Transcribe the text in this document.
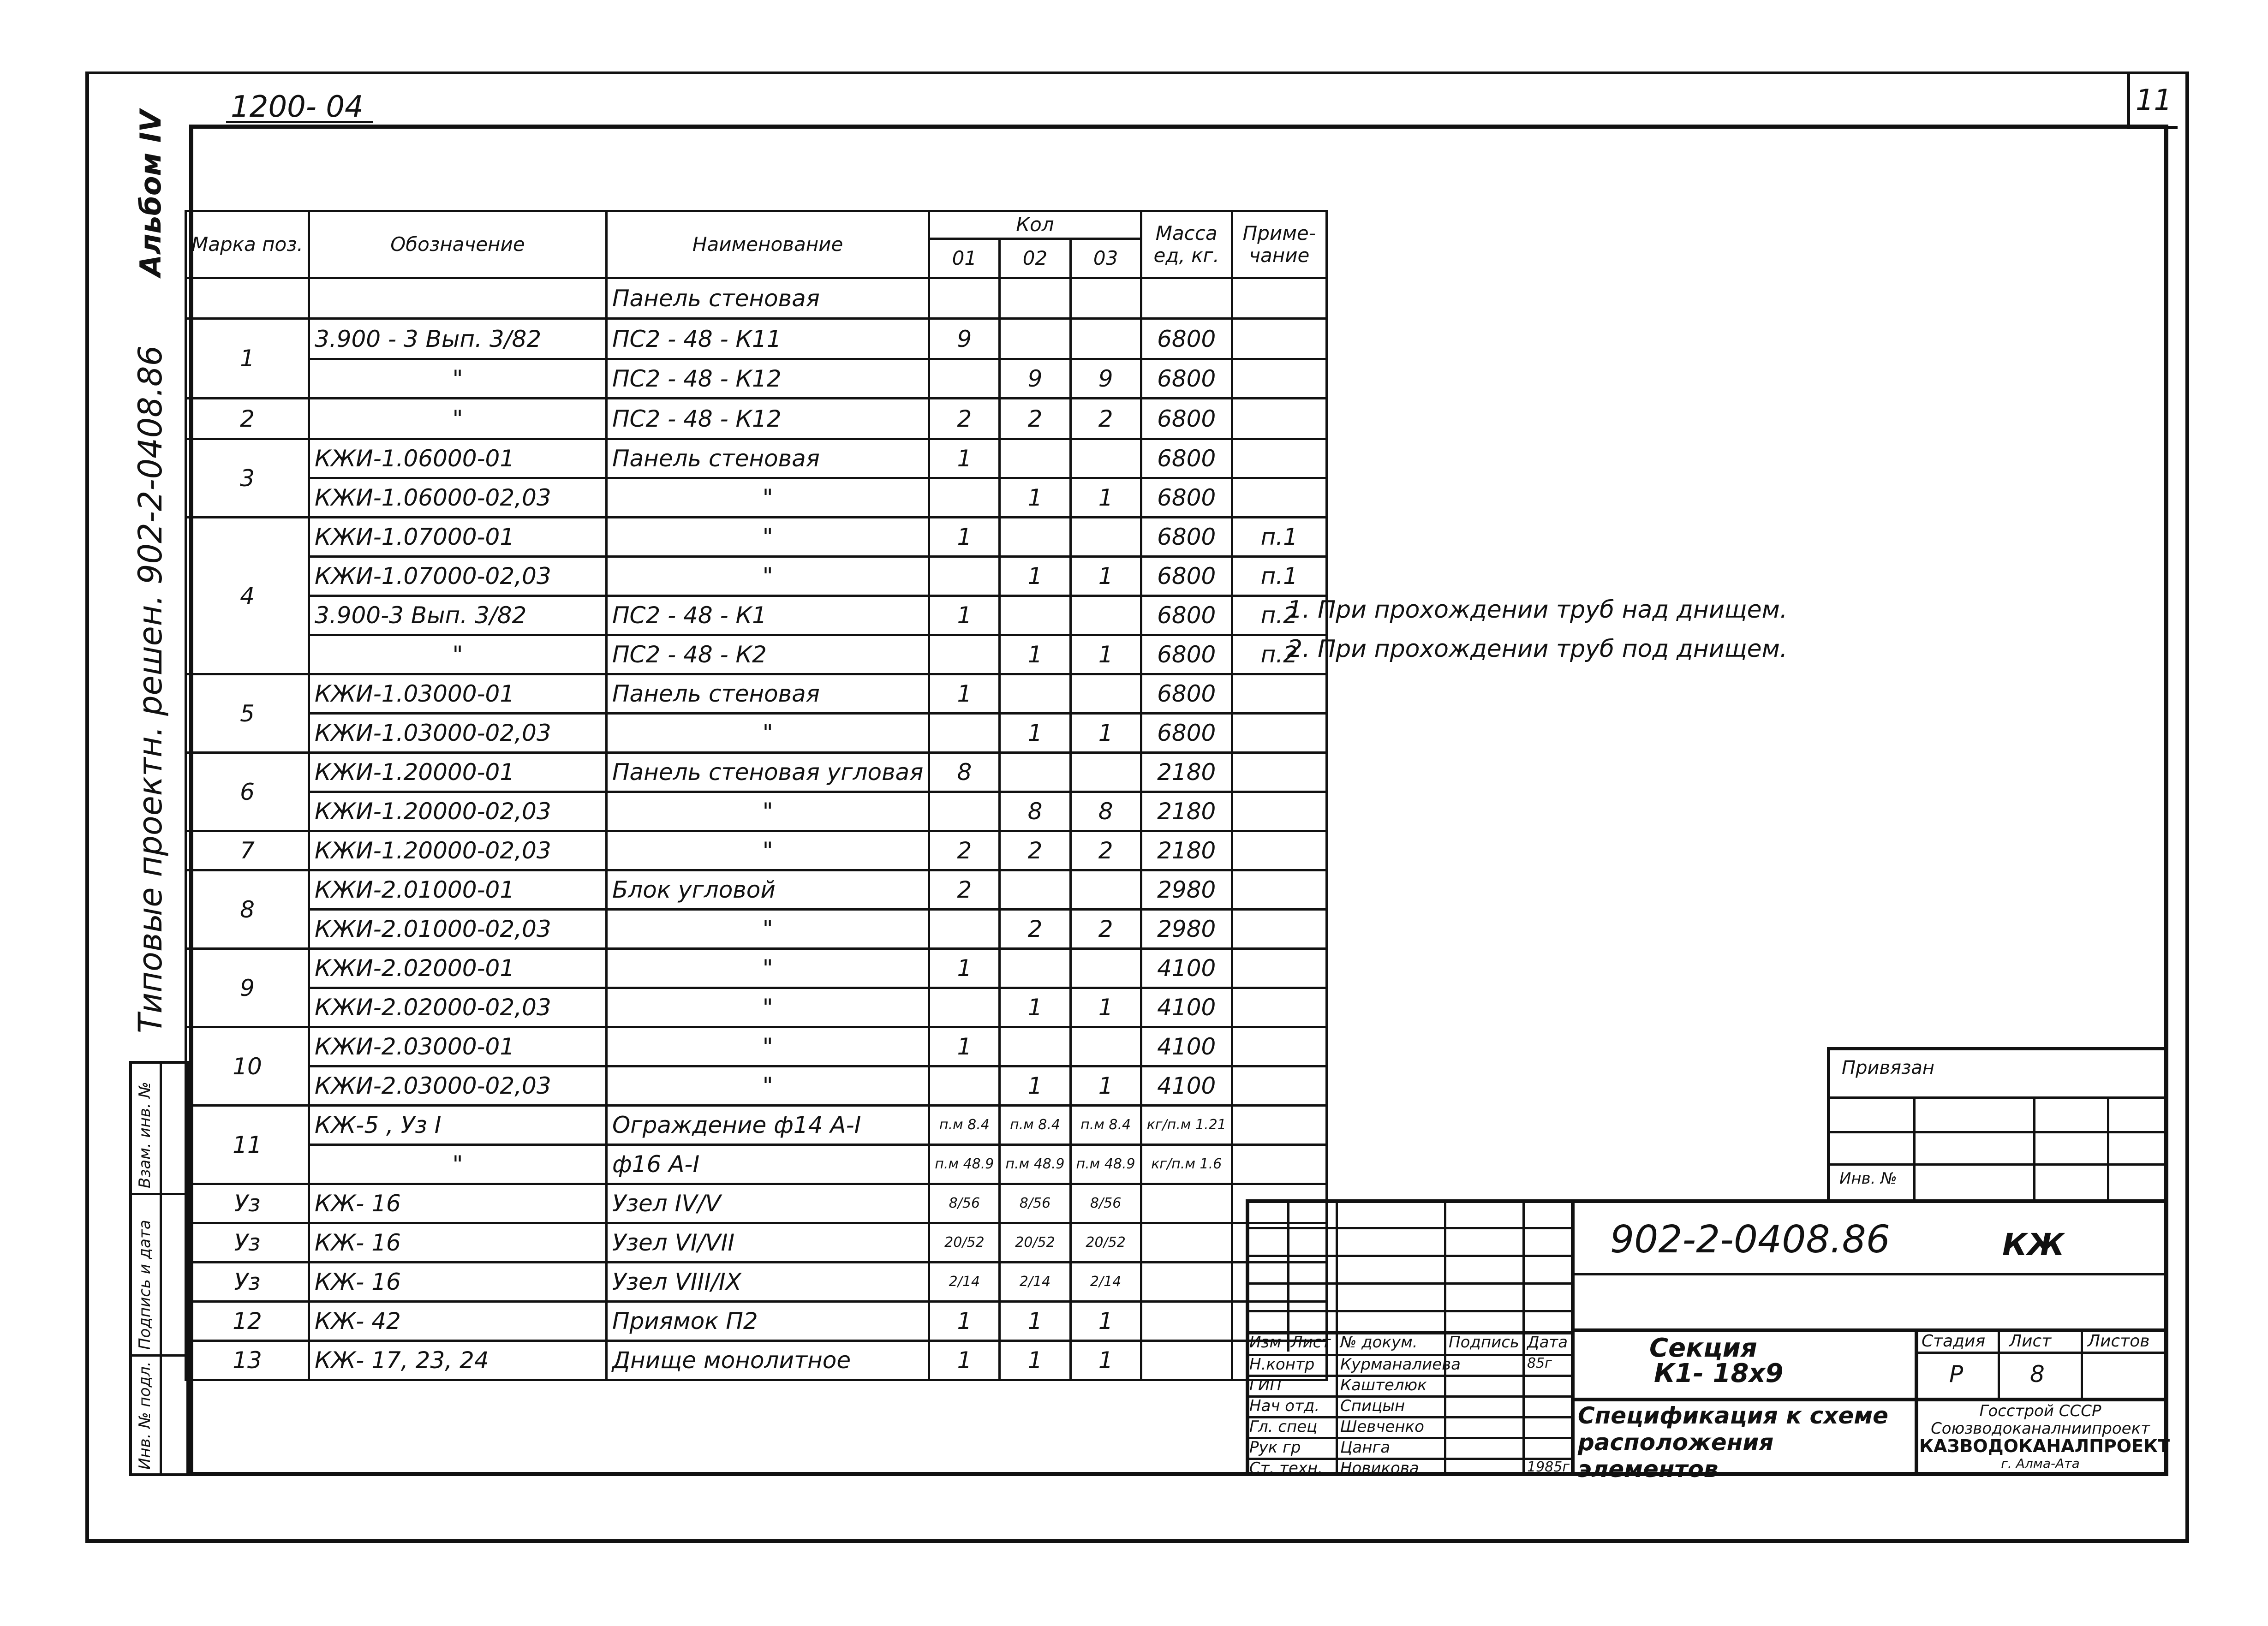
11
1200- 04
Альбом IV
Типовые проектн. решен. 902-2-0408.86
Взам. инв. №
Подпись и дата
Инв. № подл.
Марка поз.	Обозначение	Наименование	Кол			Масса ед, кг.	Приме- чание
			01	02	03		
		Панель стеновая					
1	3.900 - 3 Вып. 3/82	ПС2 - 48 - К11	9			6800	
	"	ПС2 - 48 - К12		9	9	6800	
2	"	ПС2 - 48 - К12	2	2	2	6800	
3	КЖИ-1.06000-01	Панель стеновая	1			6800	
	КЖИ-1.06000-02,03	"		1	1	6800	
4	КЖИ-1.07000-01	"	1			6800	п.1
	КЖИ-1.07000-02,03	"		1	1	6800	п.1
	3.900-3 Вып. 3/82	ПС2 - 48 - К1	1			6800	п.2
	"	ПС2 - 48 - К2		1	1	6800	п.2
5	КЖИ-1.03000-01	Панель стеновая	1			6800	
	КЖИ-1.03000-02,03	"		1	1	6800	
6	КЖИ-1.20000-01	Панель стеновая угловая	8			2180	
	КЖИ-1.20000-02,03	"		8	8	2180	
7	КЖИ-1.20000-02,03	"	2	2	2	2180	
8	КЖИ-2.01000-01	Блок угловой	2			2980	
	КЖИ-2.01000-02,03	"		2	2	2980	
9	КЖИ-2.02000-01	"	1			4100	
	КЖИ-2.02000-02,03	"		1	1	4100	
10	КЖИ-2.03000-01	"	1			4100	
	КЖИ-2.03000-02,03	"		1	1	4100	
11	КЖ-5 , Уз I	Ограждение ф14 А-I	п.м 8.4	п.м 8.4	п.м 8.4	кг/п.м 1.21	
	"	ф16 А-I	п.м 48.9	п.м 48.9	п.м 48.9	кг/п.м 1.6	
Уз	КЖ- 16	Узел IV/V	8/56	8/56	8/56		
Уз	КЖ- 16	Узел VI/VII	20/52	20/52	20/52		
Уз	КЖ- 16	Узел VIII/IX	2/14	2/14	2/14		
12	КЖ- 42	Приямок П2	1	1	1		
13	КЖ- 17, 23, 24	Днище монолитное	1	1	1		
1. При прохождении труб над днищем.
2. При прохождении труб под днищем.
Привязан
Инв. №
Изм Лист № докум. Подпись Дата
Н.контр Курманалиева	85г
ГИП	Каштелюк
Нач отд. Спицын
Гл. спец Шевченко
Рук гр	Цанга
Ст. техн. Новикова	1985г
902-2-0408.86	КЖ
Секция
К1- 18х9
Спецификация к схеме расположения элементов
Стадия Лист Листов
Р	8
Госстрой СССР
Союзводоканалниипроект
КАЗВОДОКАНАЛПРОЕКТ
г. Алма-Ата
